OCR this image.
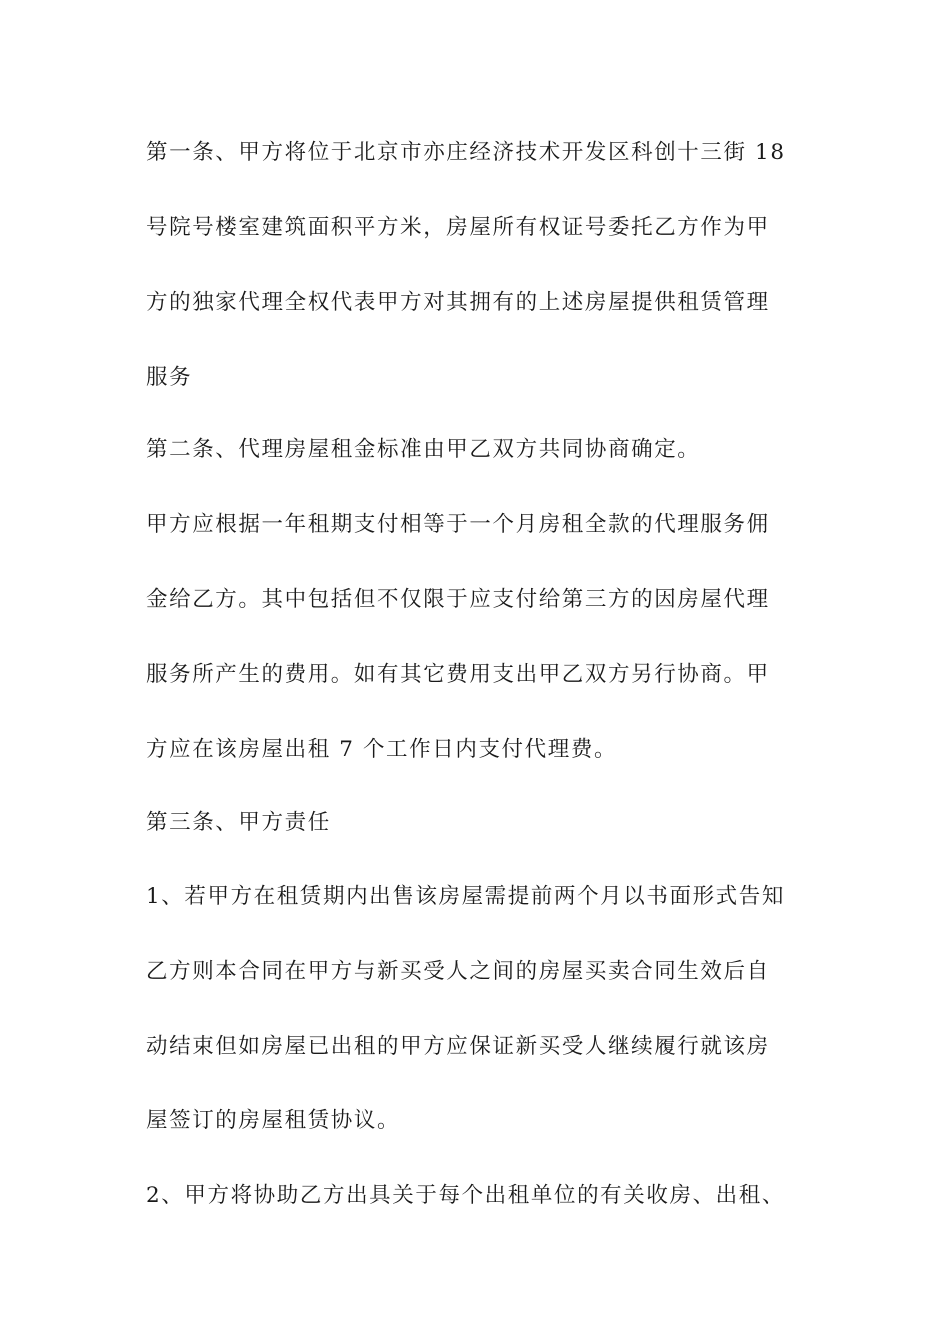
第一条、甲方将位于北京市亦庄经济技术开发区科创十三街 18
号院号楼室建筑面积平方米，房屋所有权证号委托乙方作为甲
方的独家代理全权代表甲方对其拥有的上述房屋提供租赁管理
服务
第二条、代理房屋租金标准由甲乙双方共同协商确定。
甲方应根据一年租期支付相等于一个月房租全款的代理服务佣
金给乙方。其中包括但不仅限于应支付给第三方的因房屋代理
服务所产生的费用。如有其它费用支出甲乙双方另行协商。甲
方应在该房屋出租 7 个工作日内支付代理费。
第三条、甲方责任
1、若甲方在租赁期内出售该房屋需提前两个月以书面形式告知
乙方则本合同在甲方与新买受人之间的房屋买卖合同生效后自
动结束但如房屋已出租的甲方应保证新买受人继续履行就该房
屋签订的房屋租赁协议。
2、甲方将协助乙方出具关于每个出租单位的有关收房、出租、
